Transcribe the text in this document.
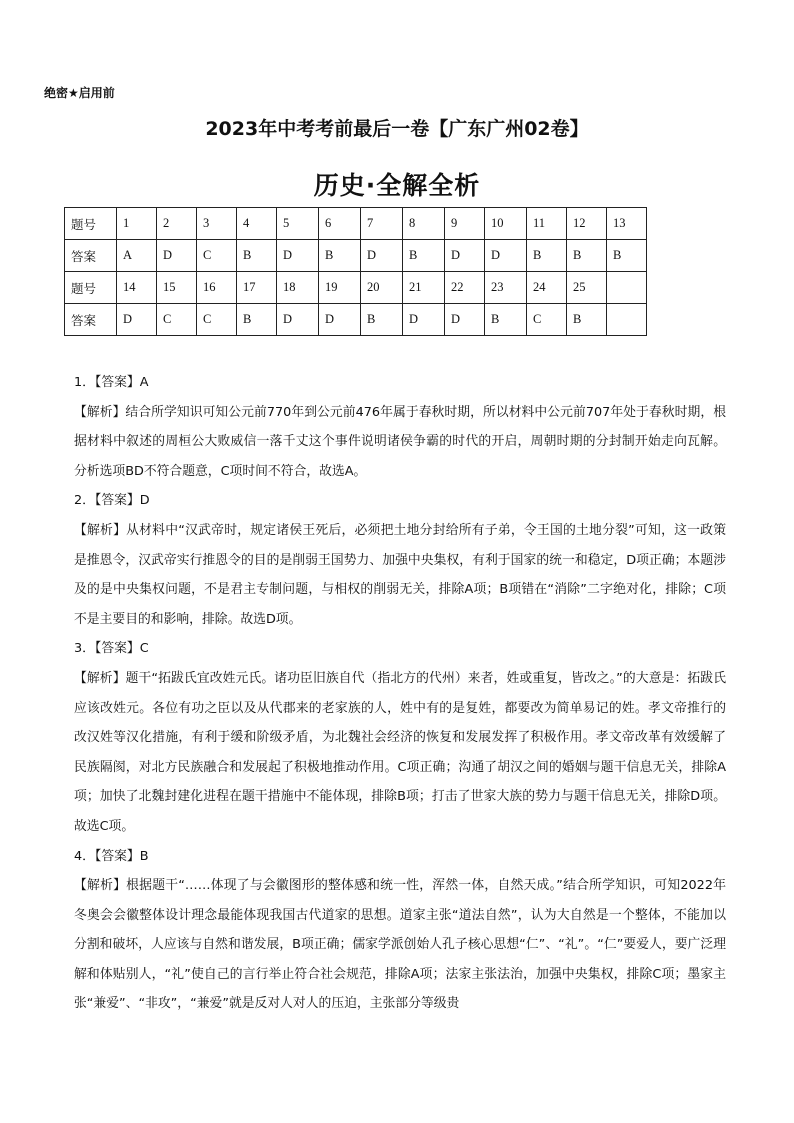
绝密★启用前
2023年中考考前最后一卷【广东广州02卷】
历史·全解全析
题号	1	2	3	4	5	6	7	8	9	10	11	12	13
答案	A	D	C	B	D	B	D	B	D	D	B	B	B
题号	14	15	16	17	18	19	20	21	22	23	24	25	
答案	D	C	C	B	D	D	B	D	D	B	C	B	

1．【答案】A

【解析】结合所学知识可知公元前770年到公元前476年属于春秋时期，所以材料中公元前707年处于春秋时期，根据材料中叙述的周桓公大败威信一落千丈这个事件说明诸侯争霸的时代的开启，周朝时期的分封制开始走向瓦解。分析选项BD不符合题意，C项时间不符合，故选A。

2．【答案】D

【解析】从材料中“汉武帝时，规定诸侯王死后，必须把土地分封给所有子弟，令王国的土地分裂”可知，这一政策是推恩令，汉武帝实行推恩令的目的是削弱王国势力、加强中央集权，有利于国家的统一和稳定，D项正确；本题涉及的是中央集权问题，不是君主专制问题，与相权的削弱无关，排除A项；B项错在“消除”二字绝对化，排除；C项不是主要目的和影响，排除。故选D项。

3．【答案】C

【解析】题干“拓跋氏宜改姓元氏。诸功臣旧族自代（指北方的代州）来者，姓或重复，皆改之。”的大意是：拓跋氏应该改姓元。各位有功之臣以及从代郡来的老家族的人，姓中有的是复姓，都要改为简单易记的姓。孝文帝推行的改汉姓等汉化措施，有利于缓和阶级矛盾，为北魏社会经济的恢复和发展发挥了积极作用。孝文帝改革有效缓解了民族隔阂，对北方民族融合和发展起了积极地推动作用。C项正确；沟通了胡汉之间的婚姻与题干信息无关，排除A项；加快了北魏封建化进程在题干措施中不能体现，排除B项；打击了世家大族的势力与题干信息无关，排除D项。故选C项。

4．【答案】B

【解析】根据题干“……体现了与会徽图形的整体感和统一性，浑然一体，自然天成。”结合所学知识，可知2022年冬奥会会徽整体设计理念最能体现我国古代道家的思想。道家主张“道法自然”，认为大自然是一个整体，不能加以分割和破坏，人应该与自然和谐发展，B项正确；儒家学派创始人孔子核心思想“仁”、“礼”。“仁”要爱人，要广泛理解和体贴别人，“礼”使自己的言行举止符合社会规范，排除A项；法家主张法治，加强中央集权，排除C项；墨家主张“兼爱”、“非攻”，“兼爱”就是反对人对人的压迫，主张部分等级贵
